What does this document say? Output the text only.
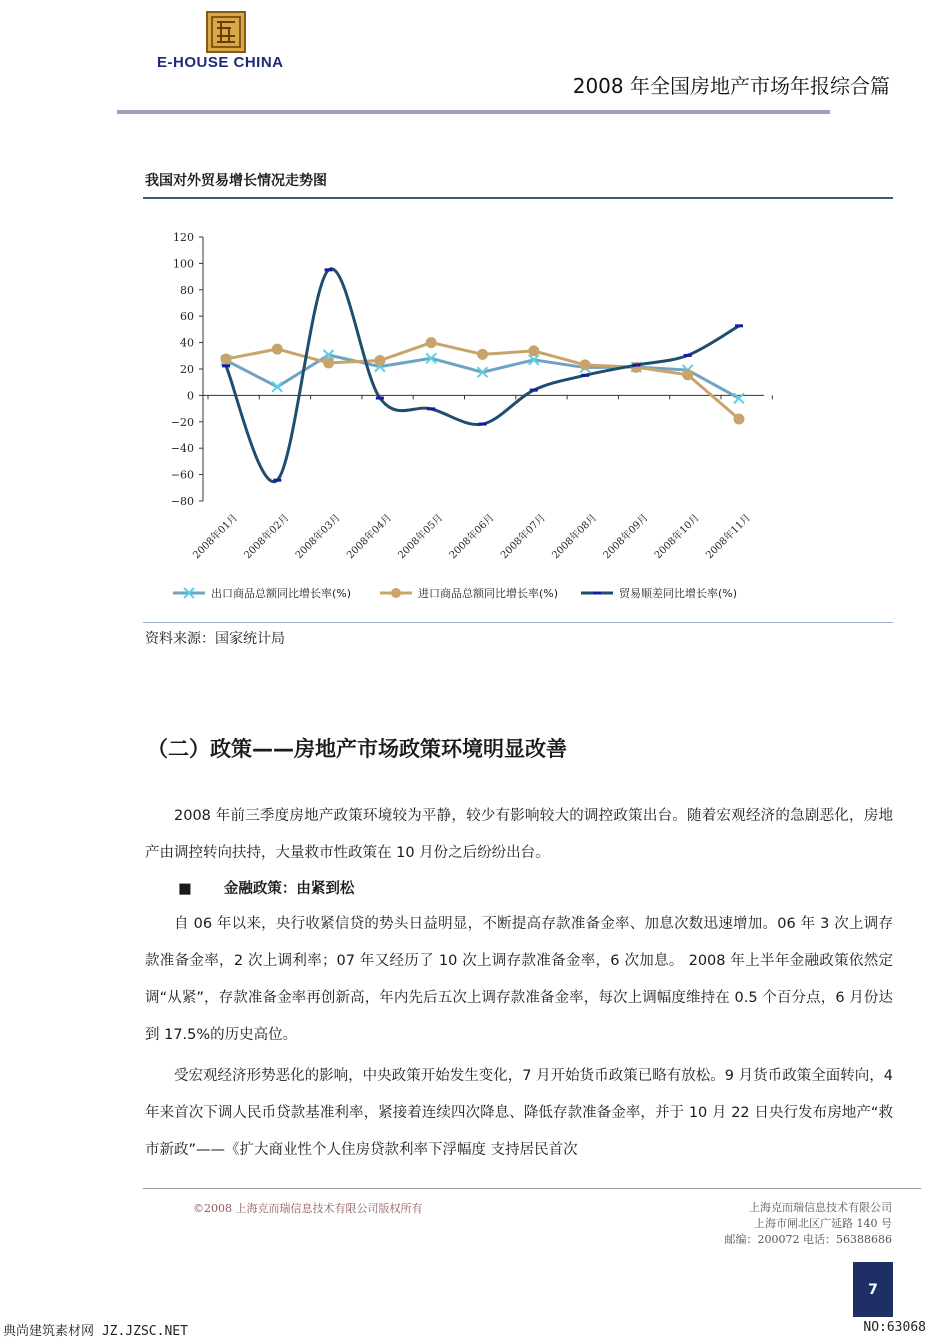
E-HOUSE CHINA
2008 年全国房地产市场年报综合篇
我国对外贸易增长情况走势图
120
100
80
60
40
20
0
−20
−40
−60
−80
2008年01月 2008年02月 2008年03月 2008年04月 2008年05月 2008年06月 2008年07月 2008年08月 2008年09月 2008年10月 2008年11月
出口商品总额同比增长率(%)	进口商品总额同比增长率(%)	贸易顺差同比增长率(%)
资料来源：国家统计局
（二）政策——房地产市场政策环境明显改善

2008 年前三季度房地产政策环境较为平静，较少有影响较大的调控政策出台。随着宏观经济的急剧恶化，房地产由调控转向扶持，大量救市性政策在 10 月份之后纷纷出台。

■ 金融政策：由紧到松

自 06 年以来，央行收紧信贷的势头日益明显，不断提高存款准备金率、加息次数迅速增加。06 年 3 次上调存款准备金率，2 次上调利率；07 年又经历了 10 次上调存款准备金率，6 次加息。 2008 年上半年金融政策依然定调“从紧”，存款准备金率再创新高，年内先后五次上调存款准备金率，每次上调幅度维持在 0.5 个百分点，6 月份达到 17.5%的历史高位。

受宏观经济形势恶化的影响，中央政策开始发生变化，7 月开始货币政策已略有放松。9 月货币政策全面转向，4 年来首次下调人民币贷款基准利率，紧接着连续四次降息、降低存款准备金率，并于 10 月 22 日央行发布房地产“救市新政”——《扩大商业性个人住房贷款利率下浮幅度 支持居民首次

©2008 上海克而瑞信息技术有限公司版权所有	上海克而瑞信息技术有限公司
上海市闸北区广延路 140 号
邮编：200072 电话：56388686
7
典尚建筑素材网 JZ.JZSC.NET	NO:63068
